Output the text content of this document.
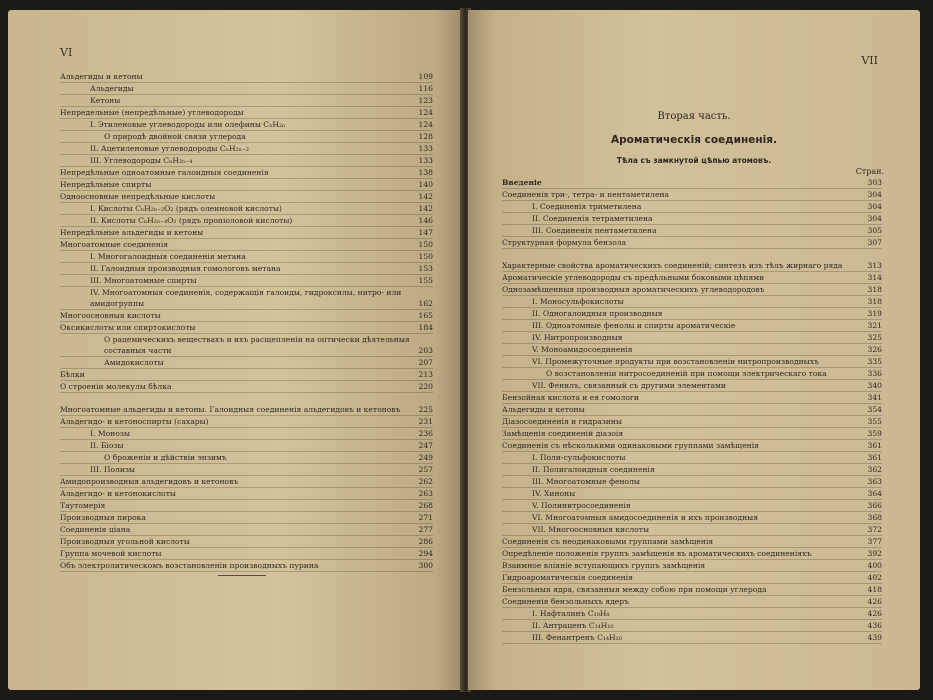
VI
Альдегиды и кетоны	109
Альдегиды	116
Кетоны	123
Непредельные (непредѣльные) углеводороды	124
I. Этиленовые углеводороды или олефины CₙH₂ₙ	124
О природѣ двойной связи углерода	128
II. Ацетиленовые углеводороды CₙH₂ₙ₋₂	133
III. Углеводороды CₙH₂ₙ₋₄	133
Непредѣльные одноатомные галоидныя соединенія	138
Непредѣльные спирты	140
Одноосновные непредѣльные кислоты	142
I. Кислоты CₙH₂ₙ₋₂O₂ (рядъ олеиновой кислоты)	142
II. Кислоты CₙH₂ₙ₋₄O₂ (рядъ пропіоловой кислоты)	146
Непредѣльные альдегиды и кетоны	147
Многоатомные соединенія	150
I. Многогалоидныя соединенія метана	150
II. Галоидныя производныя гомологовъ метана	153
III. Многоатомные спирты	155
IV. Многоатомныя соединенія, содержащія галоиды, гидроксилы, нитро- или амидогруппы	162
Многоосновныя кислоты	165
Оксикислоты или спиртокислоты	184
О рацемическихъ веществахъ и ихъ расщепленіи на оптически дѣятельныя составныя части	203
Амидокислоты	207
Бѣлки	213
О строеніи молекулы бѣлка	220
Многоатомные альдегиды и кетоны. Галоидныя соединенія альдегидовъ и кетоновъ	225
Альдегидо- и кетоноспирты (сахары)	231
I. Монозы	236
II. Біозы	247
О броженіи и дѣйствіи энзимъ	249
III. Полизы	257
Амидопроизводныя альдегидовъ и кетоновъ	262
Альдегидо- и кетонокислоты	263
Таутомерія	268
Производныя пирока	271
Соединенія ціана	277
Производныя угольной кислоты	286
Группа мочевой кислоты	294
Объ электролитическомъ возстановленіи производныхъ пурина	300
VII
Вторая часть.
Ароматическія соединенія.
Тѣла съ замкнутой цѣпью атомовъ.
Стран.
Введеніе	303
Соединенія три-, тетра- и пентаметилена	304
I. Соединенія триметилена	304
II. Соединенія тетраметилена	304
III. Соединенія пентаметилена	305
Структурная формула бензола	307
Характерные свойства ароматическихъ соединеній; синтезъ изъ тѣлъ жирнаго ряда	313
Ароматическіе углеводороды съ предѣльными боковыми цѣпями	314
Однозамѣщенныя производныя ароматическихъ углеводородовъ	318
I. Моносульфокислоты	318
II. Одногалоидныя производныя	319
III. Одноатомные фенолы и спирты ароматическіе	321
IV. Нитропроизводныя	325
V. Моноамидосоединенія	326
VI. Промежуточные продукты при возстановленіи нитропроизводныхъ	335
О возстановленіи нитросоединеній при помощи электрическаго тока	336
VII. Фенилъ, связанный съ другими элементами	340
Бензойная кислота и ея гомологи	341
Альдегиды и кетоны	354
Діазосоединенія и гидразины	355
Замѣщенія соединеній діазоія	359
Соединенія съ нѣсколькими одинаковыми группами замѣщенія	361
I. Поли-сульфокислоты	361
II. Полигалоидныя соединенія	362
III. Многоатомные фенолы	363
IV. Хиноны	364
V. Полинитросоединенія	366
VI. Многоатомныя амидосоединенія и ихъ производныя	368
VII. Многоосновныя кислоты	372
Соединенія съ неодинаковыми группами замѣщенія	377
Опредѣленіе положенія группъ замѣщенія въ ароматическихъ соединеніяхъ	392
Взаимное вліяніе вступающихъ группъ замѣщенія	400
Гидроароматическія соединенія	402
Бензольныя ядра, связанныя между собою при помощи углерода	418
Соединенія бензольныхъ ядеръ	426
I. Нафталинъ C₁₀H₈	426
II. Антраценъ C₁₄H₁₀	436
III. Фенантренъ C₁₄H₁₀	439
